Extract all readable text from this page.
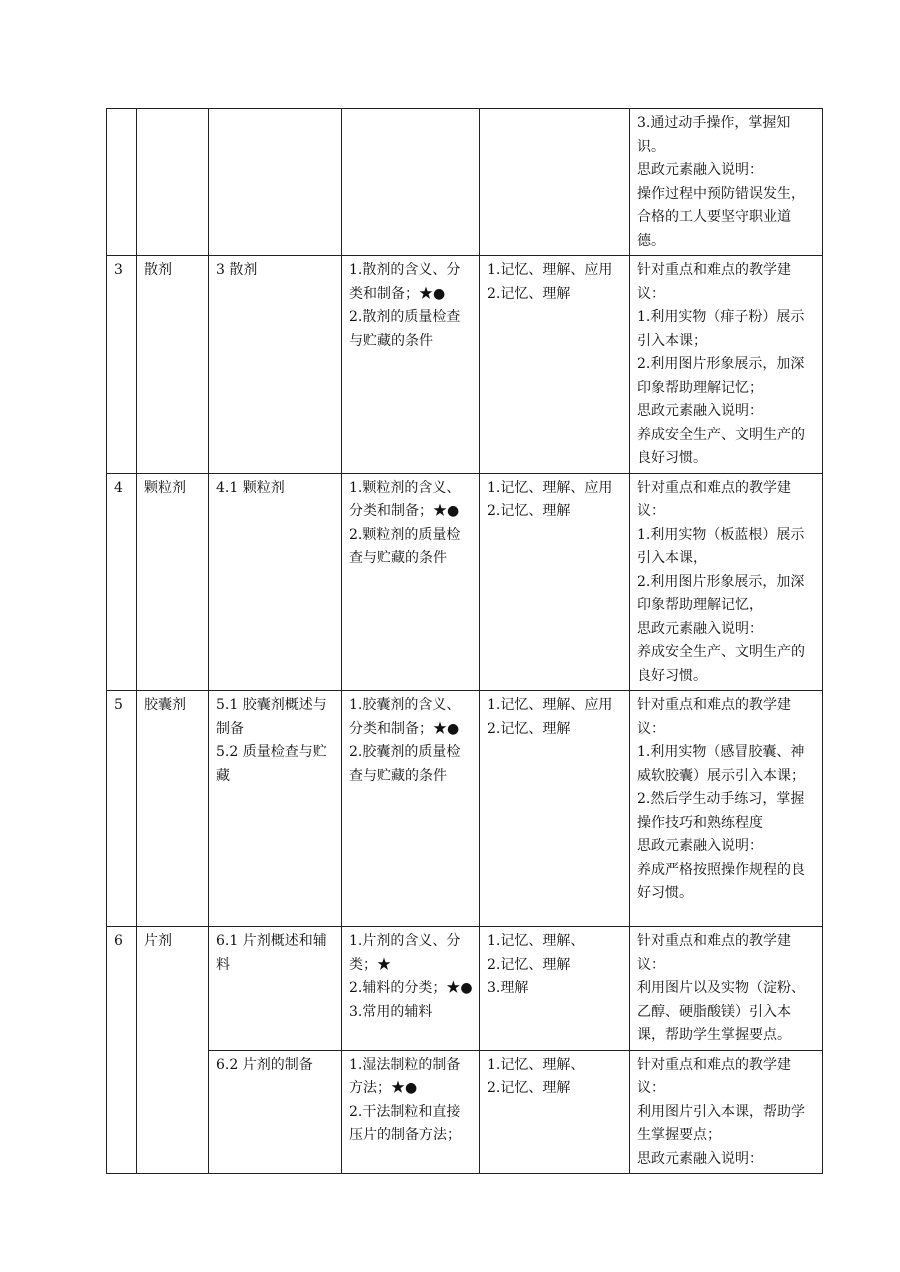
					3.通过动手操作，掌握知识。
思政元素融入说明：
操作过程中预防错误发生，合格的工人要坚守职业道德。

3	散剂	3 散剂	1.散剂的含义、分类和制备；★●
2.散剂的质量检查与贮藏的条件	1.记忆、理解、应用
2.记忆、理解	针对重点和难点的教学建议：
1.利用实物（痱子粉）展示引入本课；
2.利用图片形象展示，加深印象帮助理解记忆；
思政元素融入说明：
养成安全生产、文明生产的良好习惯。

4	颗粒剂	4.1 颗粒剂	1.颗粒剂的含义、分类和制备；★●
2.颗粒剂的质量检查与贮藏的条件	1.记忆、理解、应用
2.记忆、理解	针对重点和难点的教学建议：
1.利用实物（板蓝根）展示引入本课，
2.利用图片形象展示，加深印象帮助理解记忆，
思政元素融入说明：
养成安全生产、文明生产的良好习惯。

5	胶囊剂	5.1 胶囊剂概述与制备
5.2 质量检查与贮藏	1.胶囊剂的含义、分类和制备；★●
2.胶囊剂的质量检查与贮藏的条件	1.记忆、理解、应用
2.记忆、理解	针对重点和难点的教学建议：
1.利用实物（感冒胶囊、神威软胶囊）展示引入本课；
2.然后学生动手练习，掌握操作技巧和熟练程度
思政元素融入说明：
养成严格按照操作规程的良好习惯。

6	片剂	6.1 片剂概述和辅料	1.片剂的含义、分类；★
2.辅料的分类；★●
3.常用的辅料	1.记忆、理解、
2.记忆、理解
3.理解	针对重点和难点的教学建议：
利用图片以及实物（淀粉、乙醇、硬脂酸镁）引入本课，帮助学生掌握要点。

		6.2 片剂的制备	1.湿法制粒的制备方法；★●
2.干法制粒和直接压片的制备方法；	1.记忆、理解、
2.记忆、理解	针对重点和难点的教学建议：
利用图片引入本课，帮助学生掌握要点；
思政元素融入说明：
